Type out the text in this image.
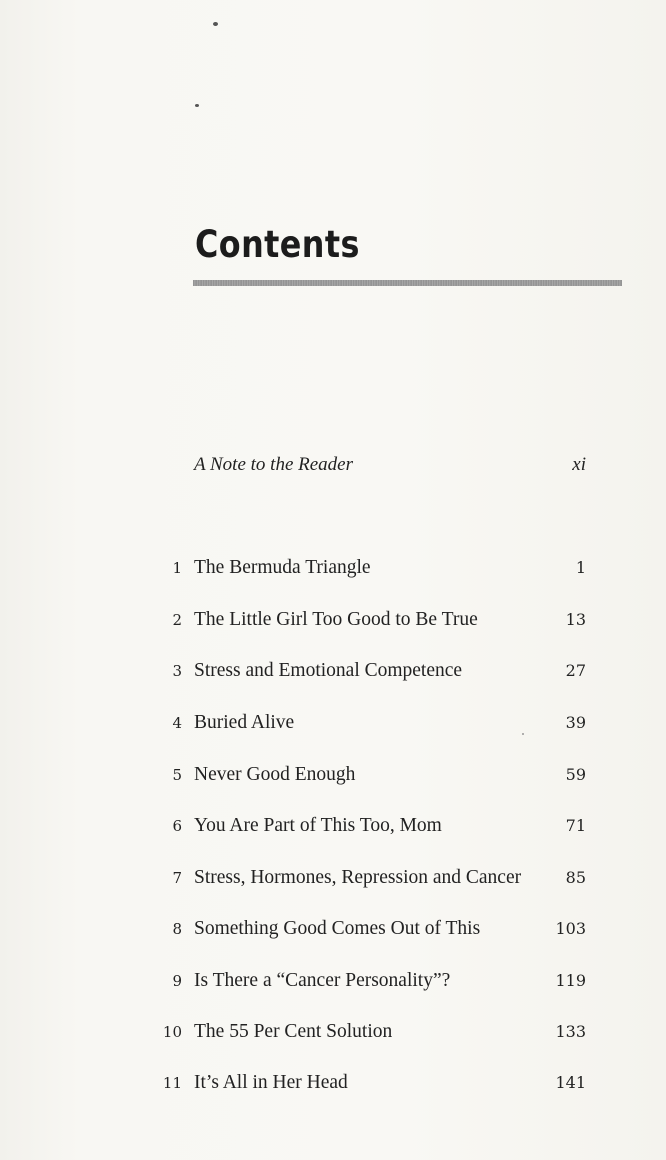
Contents
A Note to the Reader	xi
1 The Bermuda Triangle	1
2 The Little Girl Too Good to Be True	13
3 Stress and Emotional Competence	27
4 Buried Alive	39
5 Never Good Enough	59
6 You Are Part of This Too, Mom	71
7 Stress, Hormones, Repression and Cancer	85
8 Something Good Comes Out of This	103
9 Is There a “Cancer Personality”?	119
10 The 55 Per Cent Solution	133
11 It’s All in Her Head	141
